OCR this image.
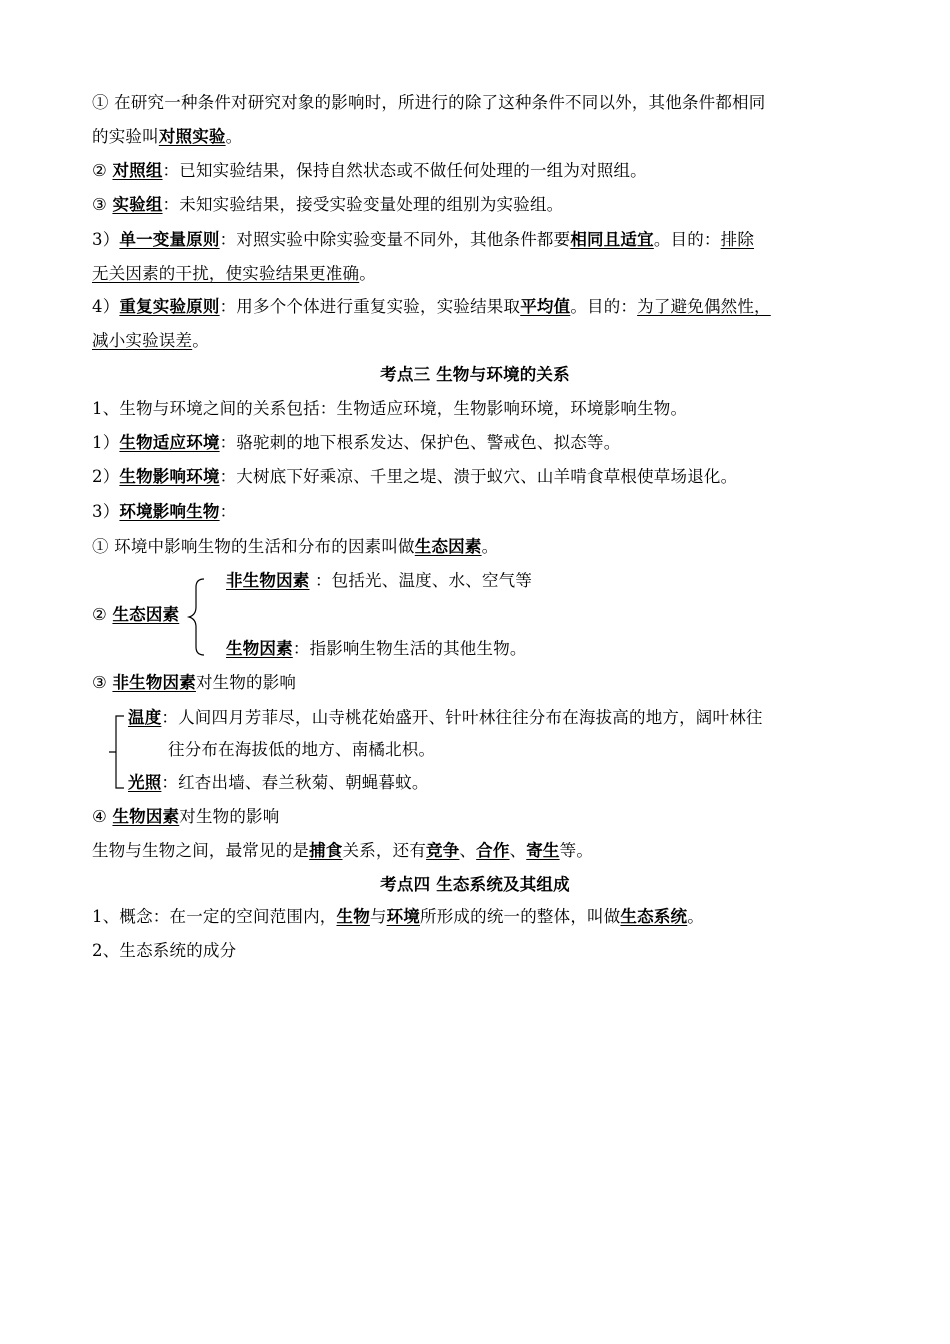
① 在研究一种条件对研究对象的影响时，所进行的除了这种条件不同以外，其他条件都相同
的实验叫对照实验。
② 对照组：已知实验结果，保持自然状态或不做任何处理的一组为对照组。
③ 实验组：未知实验结果，接受实验变量处理的组别为实验组。
3）单一变量原则：对照实验中除实验变量不同外，其他条件都要相同且适宜。目的：排除
无关因素的干扰，使实验结果更准确。
4）重复实验原则：用多个个体进行重复实验，实验结果取平均值。目的：为了避免偶然性，
减小实验误差。
考点三 生物与环境的关系
1、生物与环境之间的关系包括：生物适应环境，生物影响环境，环境影响生物。
1）生物适应环境：骆驼刺的地下根系发达、保护色、警戒色、拟态等。
2）生物影响环境：大树底下好乘凉、千里之堤、溃于蚁穴、山羊啃食草根使草场退化。
3）环境影响生物：
① 环境中影响生物的生活和分布的因素叫做生态因素。
非生物因素 ：包括光、温度、水、空气等
② 生态因素
生物因素：指影响生物生活的其他生物。
③ 非生物因素对生物的影响
温度：人间四月芳菲尽，山寺桃花始盛开、针叶林往往分布在海拔高的地方，阔叶林往
往分布在海拔低的地方、南橘北枳。
光照：红杏出墙、春兰秋菊、朝蝇暮蚊。
④ 生物因素对生物的影响
生物与生物之间，最常见的是捕食关系，还有竞争、合作、寄生等。
考点四 生态系统及其组成
1、概念：在一定的空间范围内，生物与环境所形成的统一的整体，叫做生态系统。
2、生态系统的成分
